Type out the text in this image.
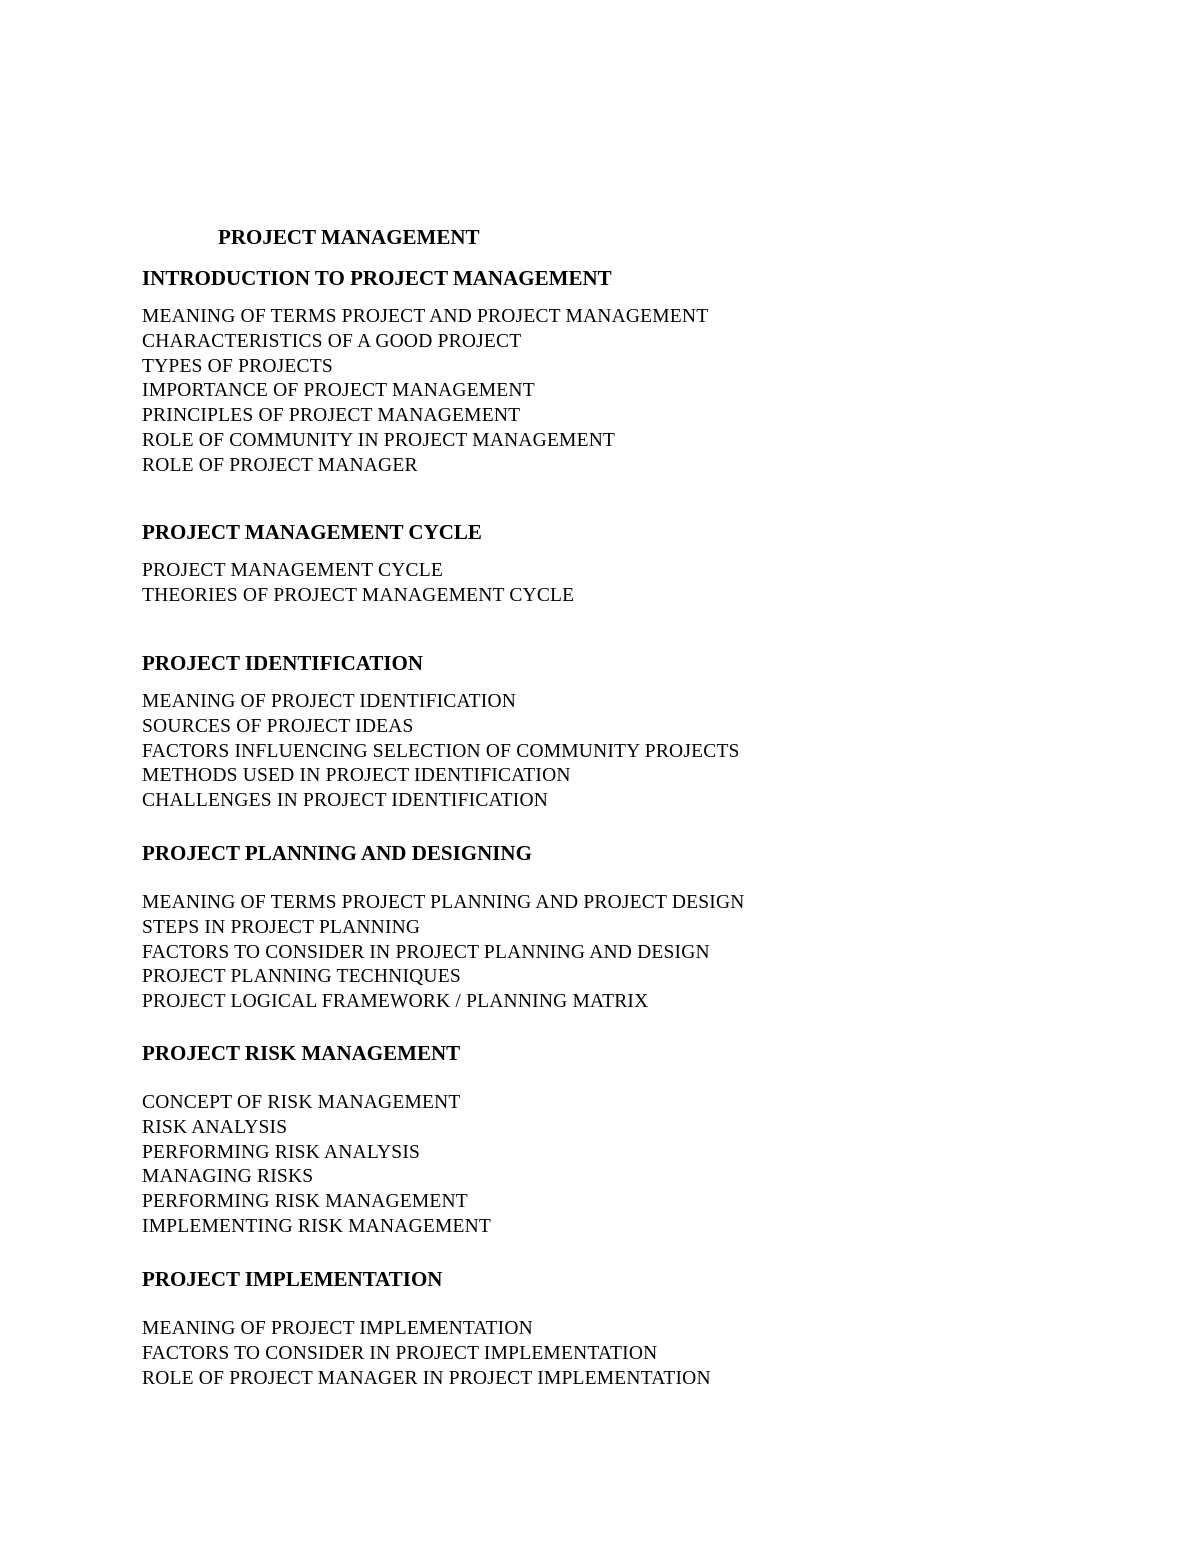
PROJECT MANAGEMENT
INTRODUCTION TO PROJECT MANAGEMENT
MEANING OF TERMS PROJECT AND PROJECT MANAGEMENT
CHARACTERISTICS OF A GOOD PROJECT
TYPES OF PROJECTS
IMPORTANCE OF PROJECT MANAGEMENT
PRINCIPLES OF PROJECT MANAGEMENT
ROLE OF COMMUNITY IN PROJECT MANAGEMENT
ROLE OF PROJECT MANAGER
PROJECT MANAGEMENT CYCLE
PROJECT MANAGEMENT CYCLE
THEORIES OF PROJECT MANAGEMENT CYCLE
PROJECT IDENTIFICATION
MEANING OF PROJECT IDENTIFICATION
SOURCES OF PROJECT IDEAS
FACTORS INFLUENCING SELECTION OF COMMUNITY PROJECTS
METHODS USED IN PROJECT IDENTIFICATION
CHALLENGES IN PROJECT IDENTIFICATION
PROJECT PLANNING AND DESIGNING
MEANING OF TERMS PROJECT PLANNING AND PROJECT DESIGN
STEPS IN PROJECT PLANNING
FACTORS TO CONSIDER IN PROJECT PLANNING AND DESIGN
PROJECT PLANNING TECHNIQUES
PROJECT LOGICAL FRAMEWORK / PLANNING MATRIX
PROJECT RISK MANAGEMENT
CONCEPT OF RISK MANAGEMENT
RISK ANALYSIS
PERFORMING RISK ANALYSIS
MANAGING RISKS
PERFORMING RISK MANAGEMENT
IMPLEMENTING RISK MANAGEMENT
PROJECT IMPLEMENTATION
MEANING OF PROJECT IMPLEMENTATION
FACTORS TO CONSIDER IN PROJECT IMPLEMENTATION
ROLE OF PROJECT MANAGER IN PROJECT IMPLEMENTATION
